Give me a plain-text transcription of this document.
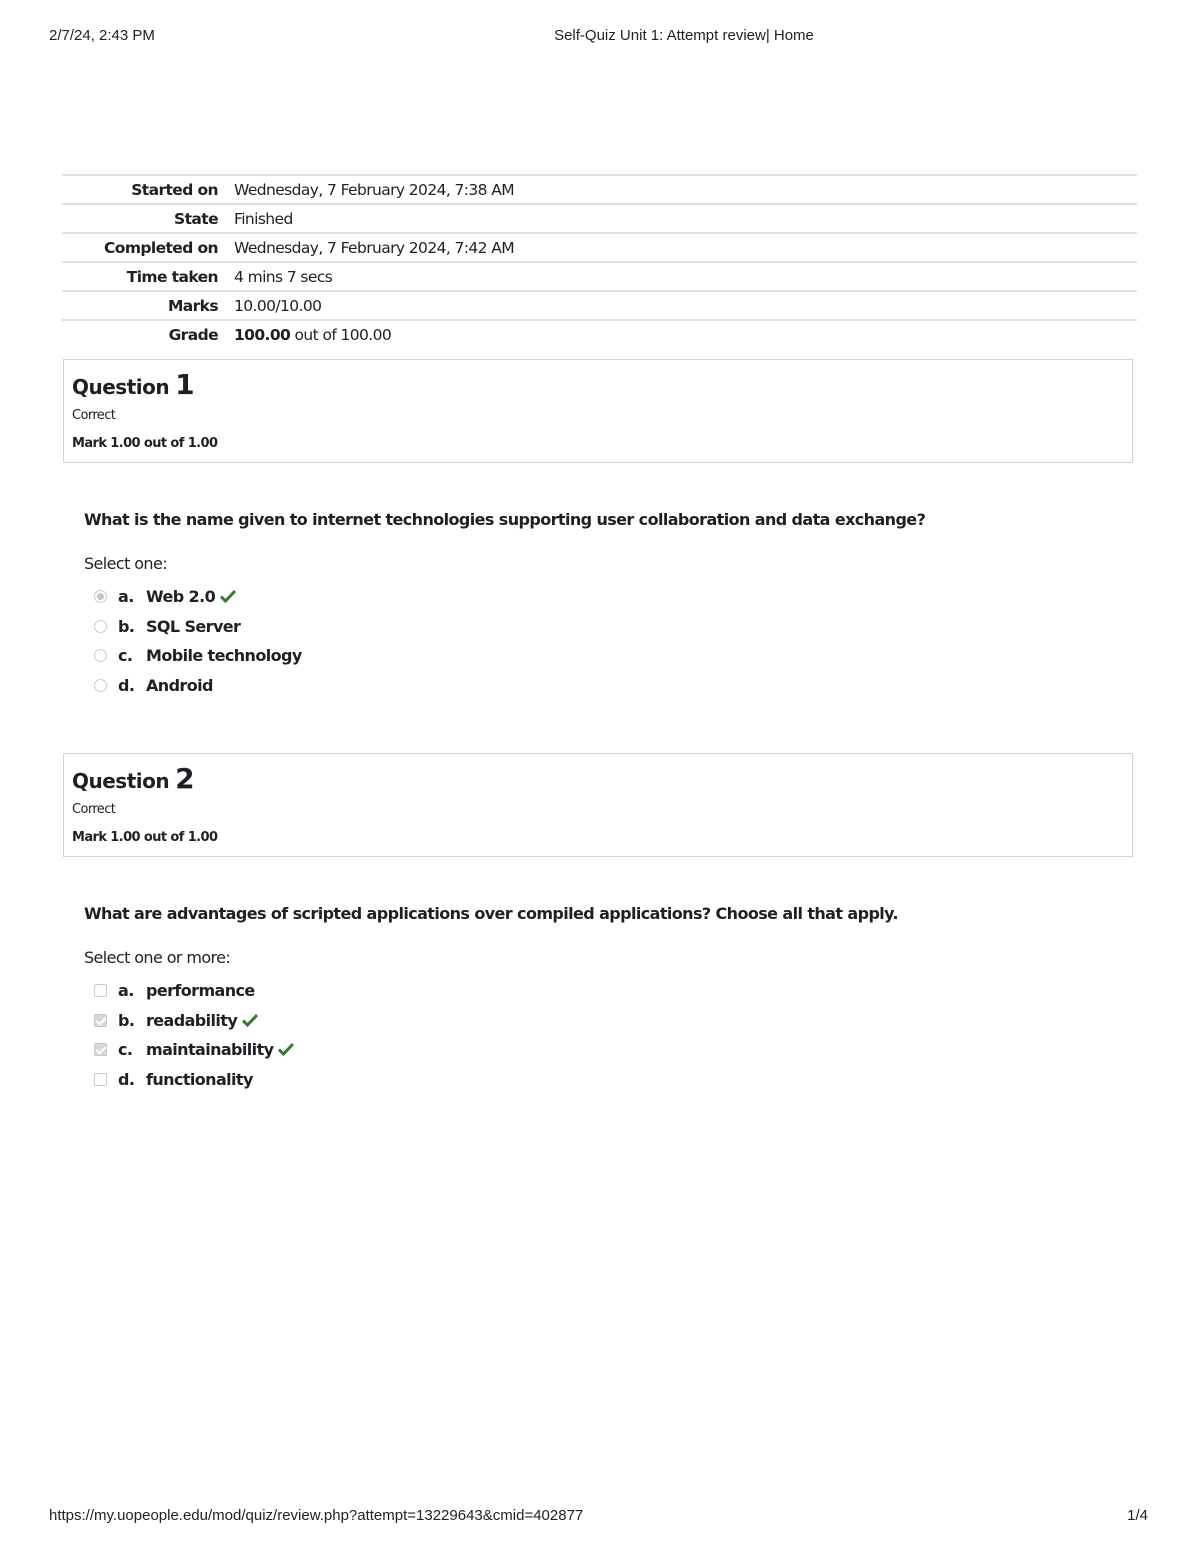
2/7/24, 2:43 PM	Self-Quiz Unit 1: Attempt review| Home
Started on	Wednesday, 7 February 2024, 7:38 AM
State	Finished
Completed on	Wednesday, 7 February 2024, 7:42 AM
Time taken	4 mins 7 secs
Marks	10.00/10.00
Grade	100.00 out of 100.00
Question 1
Correct
Mark 1.00 out of 1.00
What is the name given to internet technologies supporting user collaboration and data exchange?
Select one:
a. Web 2.0
b. SQL Server
c. Mobile technology
d. Android
Question 2
Correct
Mark 1.00 out of 1.00
What are advantages of scripted applications over compiled applications? Choose all that apply.
Select one or more:
a. performance
b. readability
c. maintainability
d. functionality
https://my.uopeople.edu/mod/quiz/review.php?attempt=13229643&cmid=402877	1/4
